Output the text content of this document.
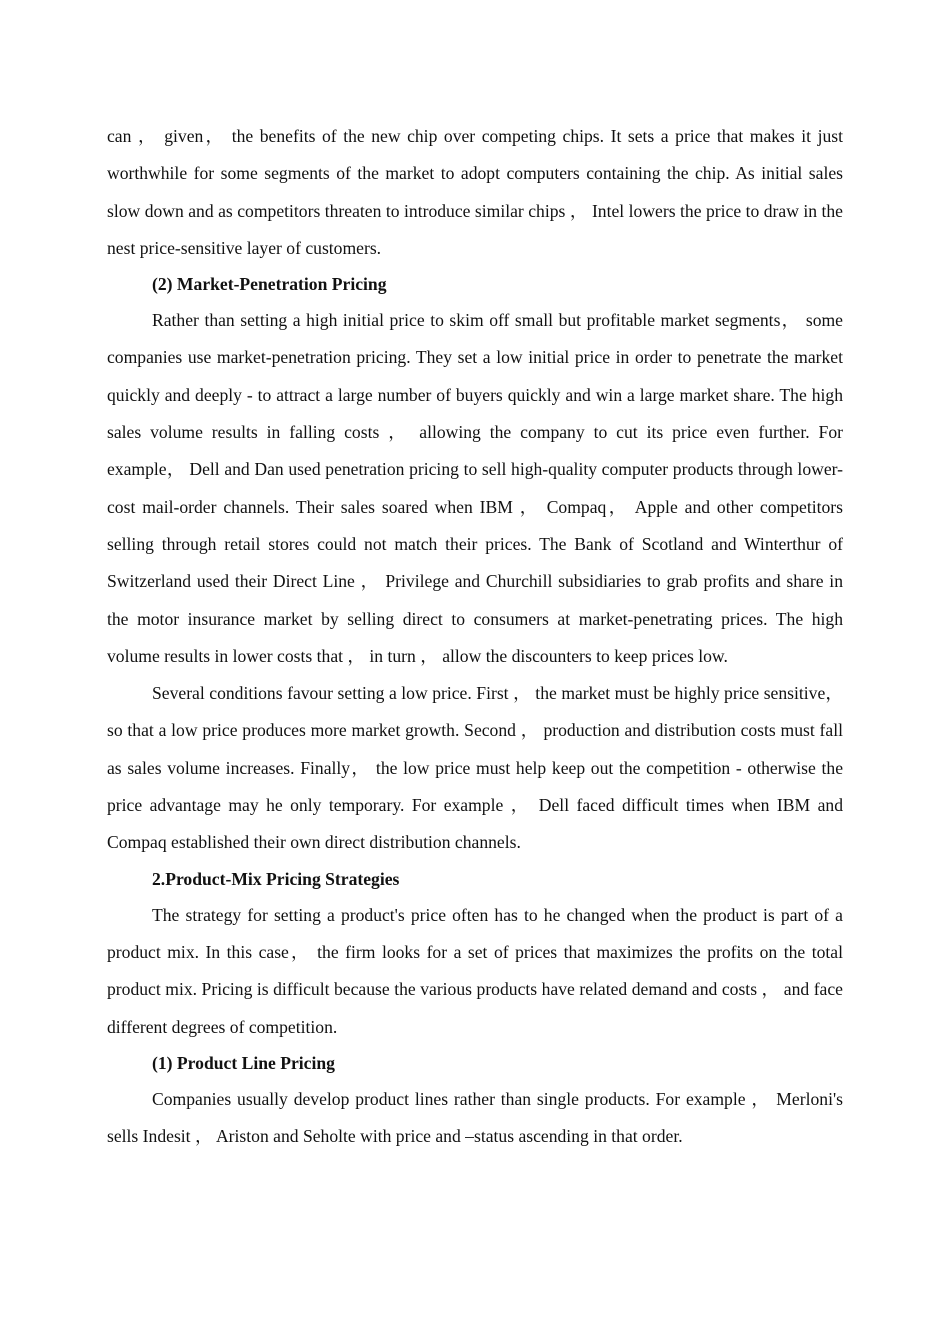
can ， given， the benefits of the new chip over competing chips. It sets a price that makes it just worthwhile for some segments of the market to adopt computers containing the chip. As initial sales slow down and as competitors threaten to introduce similar chips ， Intel lowers the price to draw in the nest price-sensitive layer of customers.

(2) Market-Penetration Pricing

Rather than setting a high initial price to skim off small but profitable market segments， some companies use market-penetration pricing. They set a low initial price in order to penetrate the market quickly and deeply - to attract a large number of buyers quickly and win a large market share. The high sales volume results in falling costs ， allowing the company to cut its price even further. For example， Dell and Dan used penetration pricing to sell high-quality computer products through lower-cost mail-order channels. Their sales soared when IBM ， Compaq， Apple and other competitors selling through retail stores could not match their prices. The Bank of Scotland and Winterthur of Switzerland used their Direct Line ， Privilege and Churchill subsidiaries to grab profits and share in the motor insurance market by selling direct to consumers at market-penetrating prices. The high volume results in lower costs that ， in turn ， allow the discounters to keep prices low.

Several conditions favour setting a low price. First ， the market must be highly price sensitive， so that a low price produces more market growth. Second ， production and distribution costs must fall as sales volume increases. Finally， the low price must help keep out the competition - otherwise the price advantage may he only temporary. For example ， Dell faced difficult times when IBM and Compaq established their own direct distribution channels.

2.Product-Mix Pricing Strategies

The strategy for setting a product's price often has to he changed when the product is part of a product mix. In this case， the firm looks for a set of prices that maximizes the profits on the total product mix. Pricing is difficult because the various products have related demand and costs ， and face different degrees of competition.

(1) Product Line Pricing

Companies usually develop product lines rather than single products. For example ， Merloni's sells Indesit ， Ariston and Seholte with price and –status ascending in that order.
